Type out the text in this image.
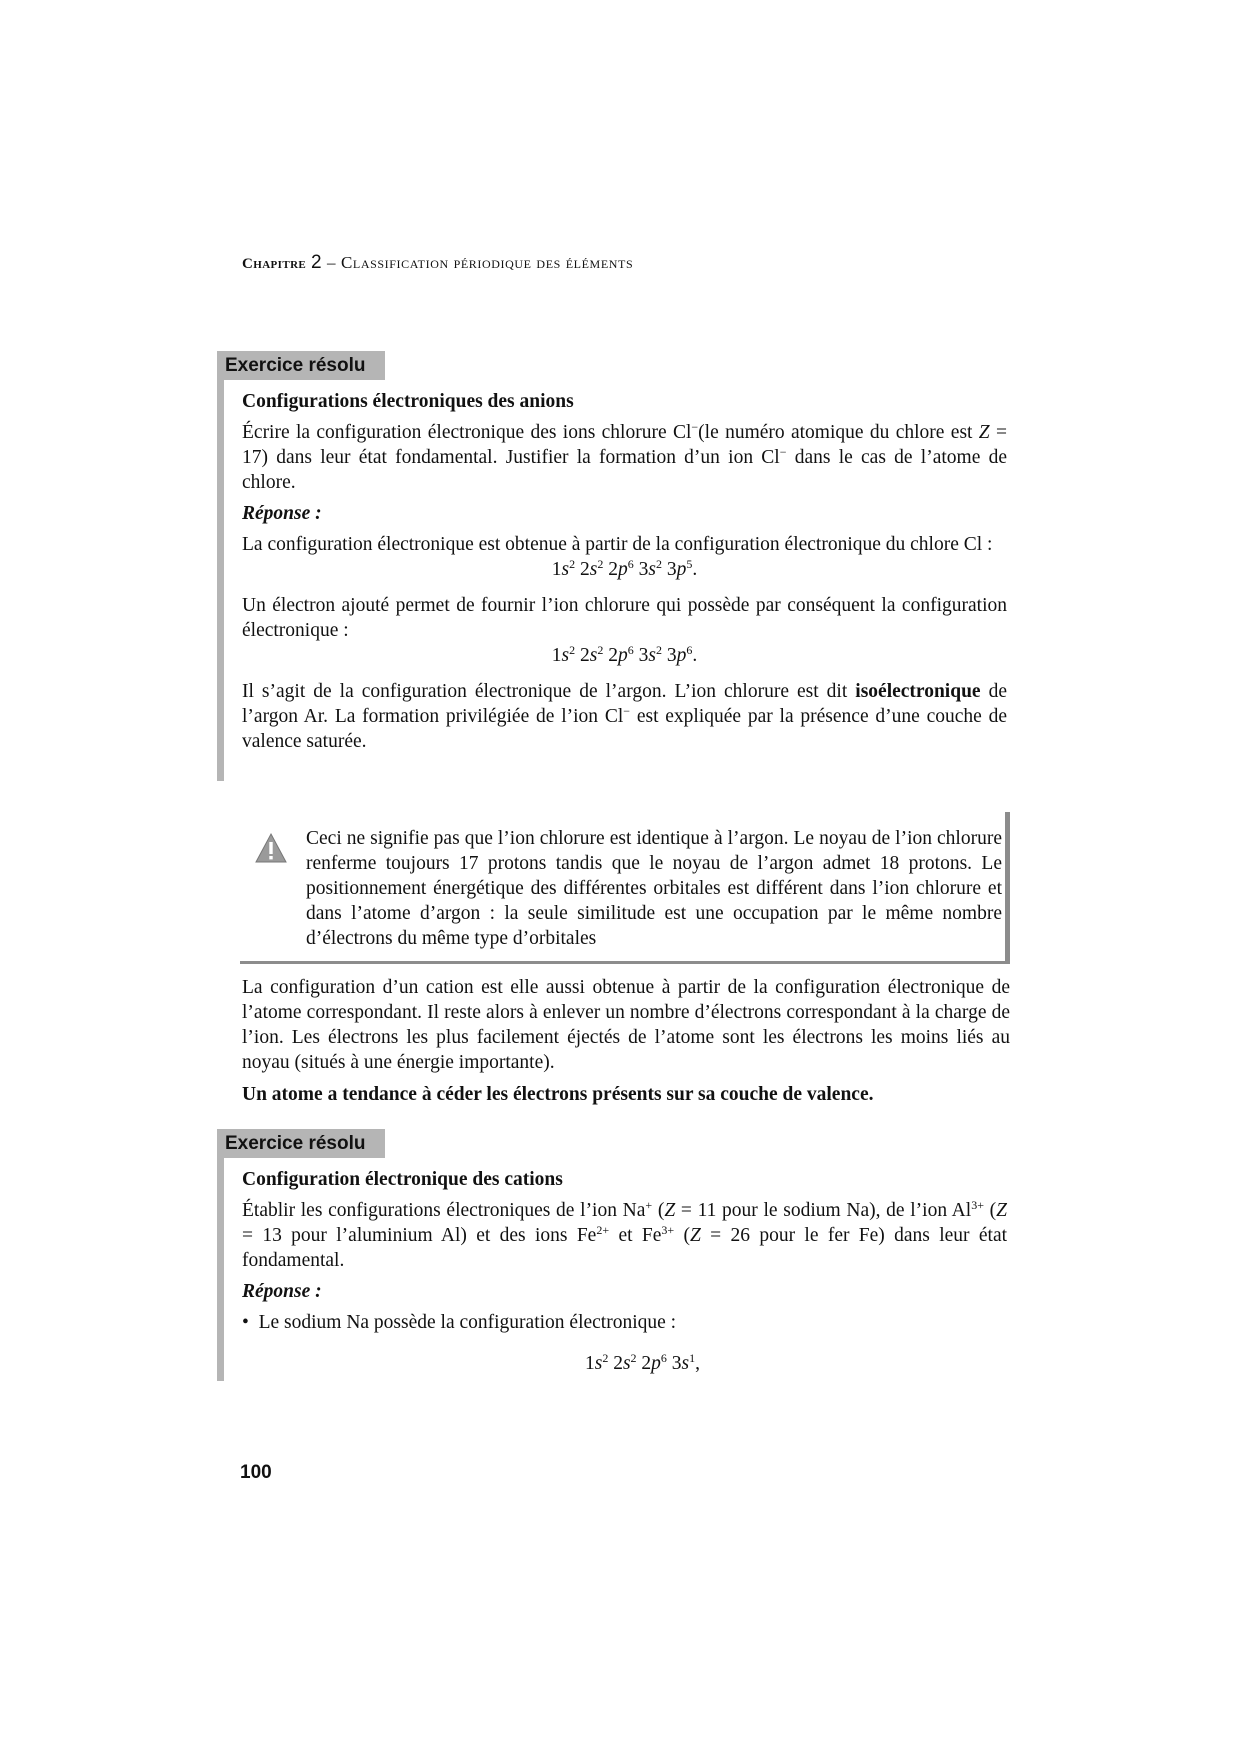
Chapitre 2 – Classification périodique des éléments
Exercice résolu

Configurations électroniques des anions

Écrire la configuration électronique des ions chlorure Cl−(le numéro atomique du chlore est Z = 17) dans leur état fondamental. Justifier la formation d’un ion Cl− dans le cas de l’atome de chlore.

Réponse :

La configuration électronique est obtenue à partir de la configuration électronique du chlore Cl :

$1s^2$ $2s^2$ $2p^6$ $3s^2$ $3p^5$.

Un électron ajouté permet de fournir l’ion chlorure qui possède par conséquent la configuration électronique :

$1s^2$ $2s^2$ $2p^6$ $3s^2$ $3p^6$.

Il s’agit de la configuration électronique de l’argon. L’ion chlorure est dit isoélectronique de l’argon Ar. La formation privilégiée de l’ion Cl− est expliquée par la présence d’une couche de valence saturée.

Ceci ne signifie pas que l’ion chlorure est identique à l’argon. Le noyau de l’ion chlorure renferme toujours 17 protons tandis que le noyau de l’argon admet 18 protons. Le positionnement énergétique des différentes orbitales est différent dans l’ion chlorure et dans l’atome d’argon : la seule similitude est une occupation par le même nombre d’électrons du même type d’orbitales

La configuration d’un cation est elle aussi obtenue à partir de la configuration électronique de l’atome correspondant. Il reste alors à enlever un nombre d’électrons correspondant à la charge de l’ion. Les électrons les plus facilement éjectés de l’atome sont les électrons les moins liés au noyau (situés à une énergie importante).

Un atome a tendance à céder les électrons présents sur sa couche de valence.

Exercice résolu

Configuration électronique des cations

Établir les configurations électroniques de l’ion Na+ (Z = 11 pour le sodium Na), de l’ion $Al^{3+}$ (Z = 13 pour l’aluminium Al) et des ions $Fe^{2+}$ et $Fe^{3+}$ (Z = 26 pour le fer Fe) dans leur état fondamental.

Réponse :

• Le sodium Na possède la configuration électronique :

$1s^2$ $2s^2$ $2p^6$ $3s^1$,

100
